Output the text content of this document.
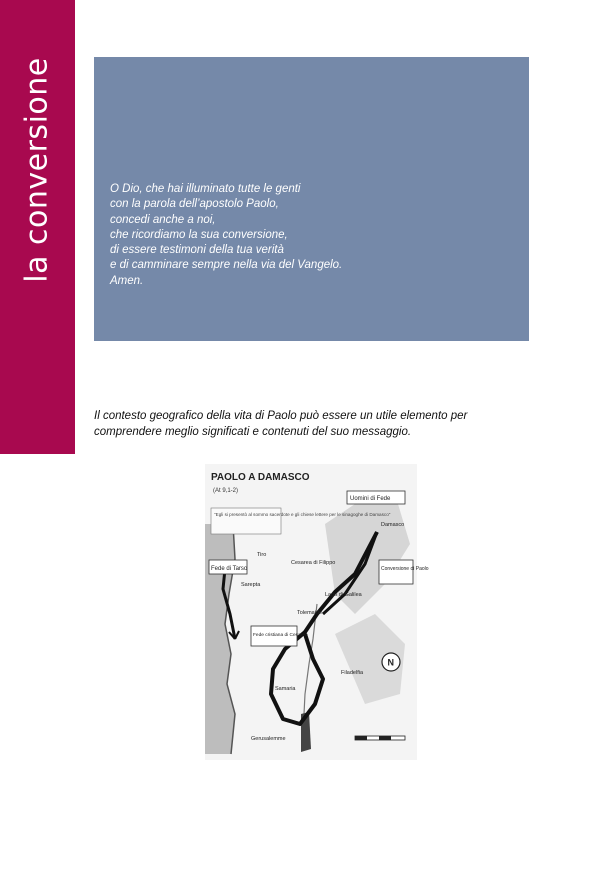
la conversione	O Dio, che hai illuminato tutte le genti
con la parola dell’apostolo Paolo,
concedi anche a noi,
che ricordiamo la sua conversione,
di essere testimoni della tua verità
e di camminare sempre nella via del Vangelo.
Amen.

Il contesto geografico della vita di Paolo può essere un utile elemento per comprendere meglio significati e contenuti del suo messaggio.

PAOLO A DAMASCO
(At 9,1-2)
"Egli si presentò al sommo sacerdote e gli chiese lettere per le sinagoghe di Damasco"
Uomini di Fede
Fede di Tarso	Conversione di Paolo
Fede cristiana di Cesarea
Damasco
Tiro
Cesarea di Filippo
Sarepta
Tolemaide
Lago di Galilea
Samaria
Filadelfia
Gerusalemme
N
